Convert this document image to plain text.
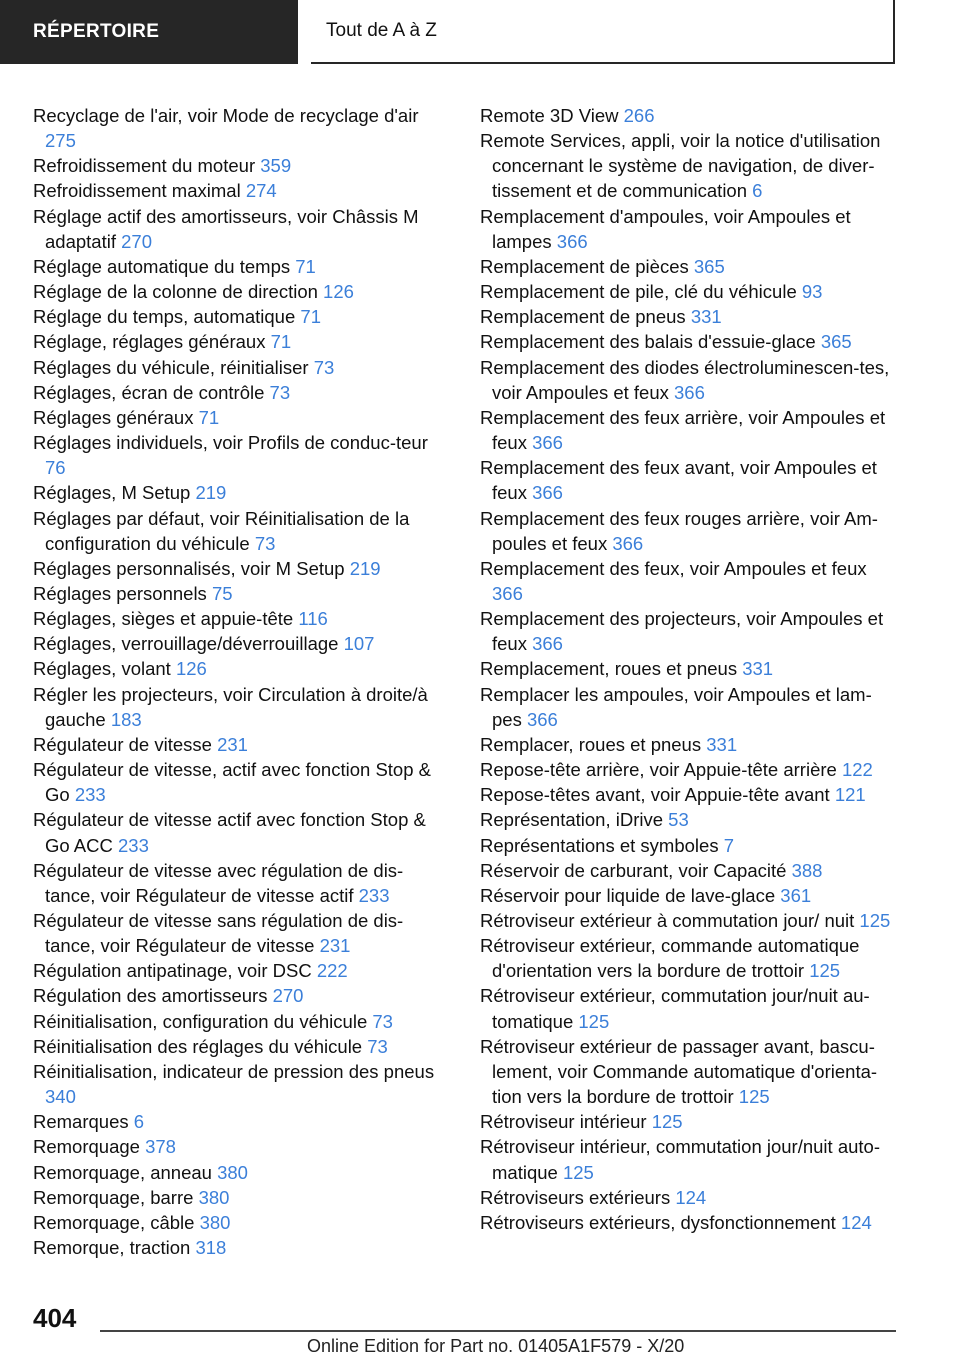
RÉPERTOIRE	Tout de A à Z

Recyclage de l'air, voir Mode de recyclage d'air 275

Refroidissement du moteur 359

Refroidissement maximal 274

Réglage actif des amortisseurs, voir Châssis M adaptatif 270

Réglage automatique du temps 71

Réglage de la colonne de direction 126

Réglage du temps, automatique 71

Réglage, réglages généraux 71

Réglages du véhicule, réinitialiser 73

Réglages, écran de contrôle 73

Réglages généraux 71

Réglages individuels, voir Profils de conduc-teur 76

Réglages, M Setup 219

Réglages par défaut, voir Réinitialisation de la configuration du véhicule 73

Réglages personnalisés, voir M Setup 219

Réglages personnels 75

Réglages, sièges et appuie-tête 116

Réglages, verrouillage/déverrouillage 107

Réglages, volant 126

Régler les projecteurs, voir Circulation à droite/à gauche 183

Régulateur de vitesse 231

Régulateur de vitesse, actif avec fonction Stop & Go 233

Régulateur de vitesse actif avec fonction Stop & Go ACC 233

Régulateur de vitesse avec régulation de dis-tance, voir Régulateur de vitesse actif 233

Régulateur de vitesse sans régulation de dis-tance, voir Régulateur de vitesse 231

Régulation antipatinage, voir DSC 222

Régulation des amortisseurs 270

Réinitialisation, configuration du véhicule 73

Réinitialisation des réglages du véhicule 73

Réinitialisation, indicateur de pression des pneus 340

Remarques 6

Remorquage 378

Remorquage, anneau 380

Remorquage, barre 380

Remorquage, câble 380

Remorque, traction 318

Remote 3D View 266

Remote Services, appli, voir la notice d'utilisation concernant le système de navigation, de diver-tissement et de communication 6

Remplacement d'ampoules, voir Ampoules et lampes 366

Remplacement de pièces 365

Remplacement de pile, clé du véhicule 93

Remplacement de pneus 331

Remplacement des balais d'essuie-glace 365

Remplacement des diodes électroluminescen-tes, voir Ampoules et feux 366

Remplacement des feux arrière, voir Ampoules et feux 366

Remplacement des feux avant, voir Ampoules et feux 366

Remplacement des feux rouges arrière, voir Am-poules et feux 366

Remplacement des feux, voir Ampoules et feux 366

Remplacement des projecteurs, voir Ampoules et feux 366

Remplacement, roues et pneus 331

Remplacer les ampoules, voir Ampoules et lam-pes 366

Remplacer, roues et pneus 331

Repose-tête arrière, voir Appuie-tête arrière 122

Repose-têtes avant, voir Appuie-tête avant 121

Représentation, iDrive 53

Représentations et symboles 7

Réservoir de carburant, voir Capacité 388

Réservoir pour liquide de lave-glace 361

Rétroviseur extérieur à commutation jour/ nuit 125

Rétroviseur extérieur, commande automatique d'orientation vers la bordure de trottoir 125

Rétroviseur extérieur, commutation jour/nuit au-tomatique 125

Rétroviseur extérieur de passager avant, bascu-lement, voir Commande automatique d'orienta-tion vers la bordure de trottoir 125

Rétroviseur intérieur 125

Rétroviseur intérieur, commutation jour/nuit auto-matique 125

Rétroviseurs extérieurs 124

Rétroviseurs extérieurs, dysfonctionnement 124

404
Online Edition for Part no. 01405A1F579 - X/20
